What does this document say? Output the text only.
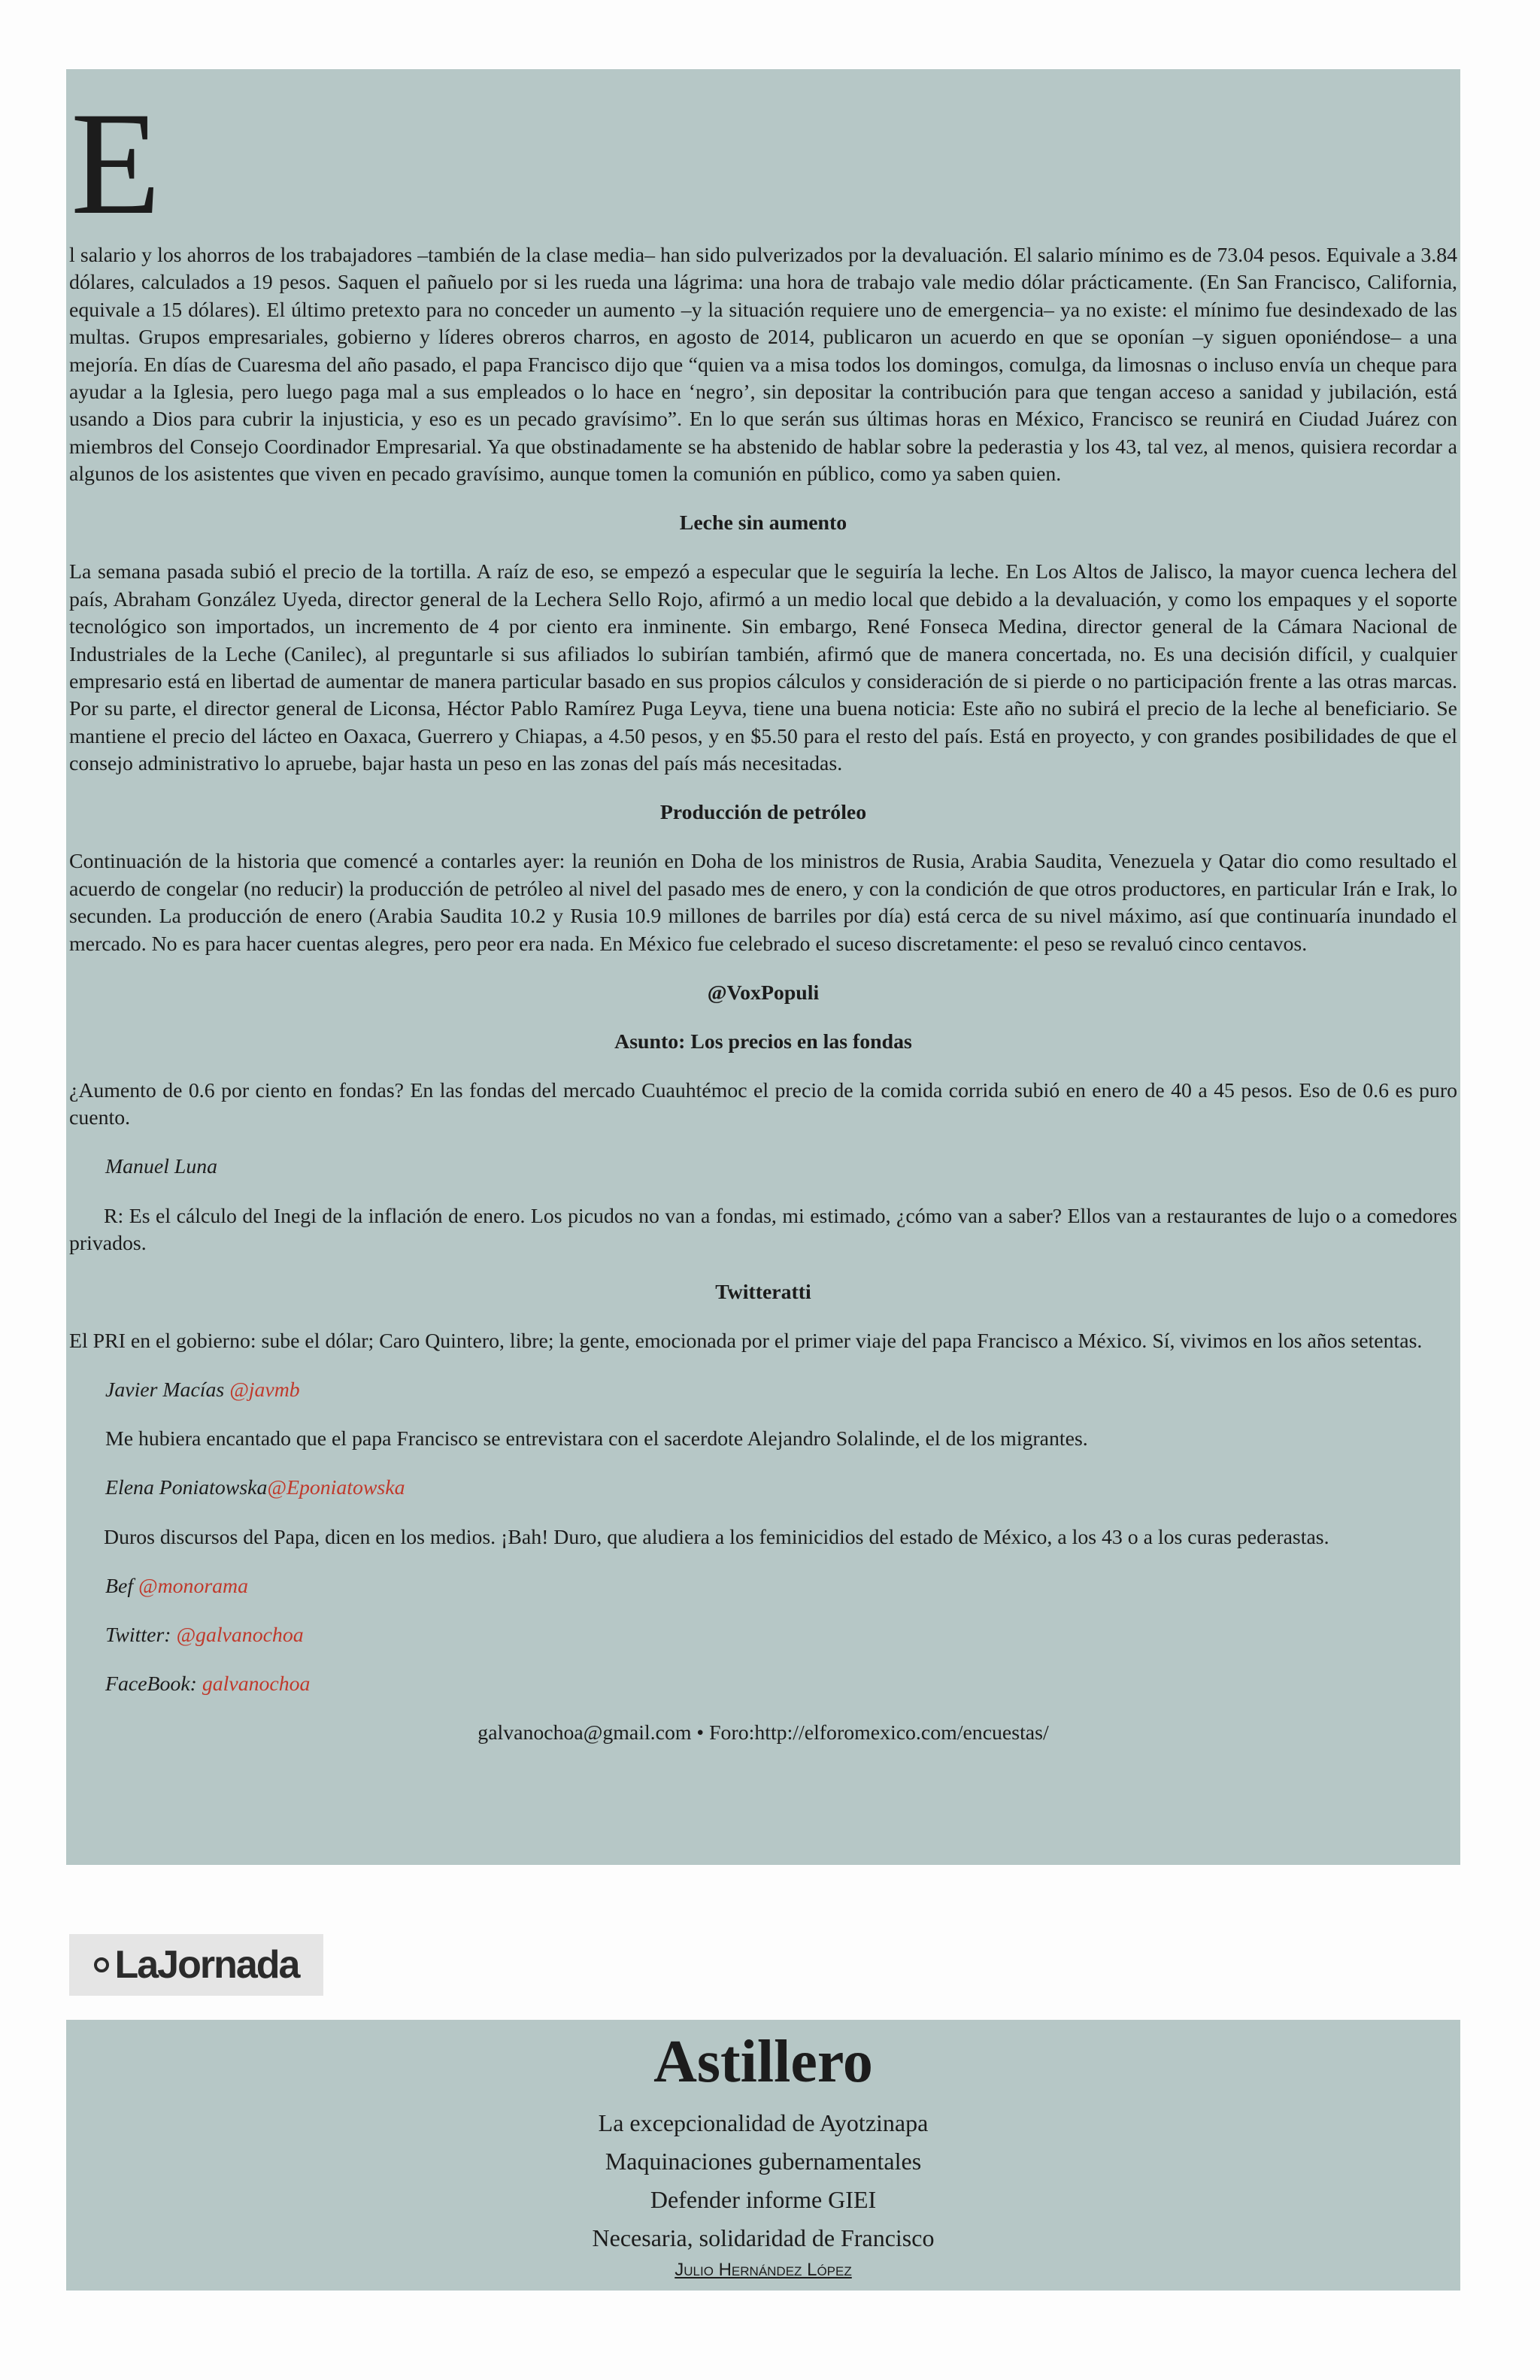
E

l salario y los ahorros de los trabajadores –también de la clase media– han sido pulverizados por la devaluación. El salario mínimo es de 73.04 pesos. Equivale a 3.84 dólares, calculados a 19 pesos. Saquen el pañuelo por si les rueda una lágrima: una hora de trabajo vale medio dólar prácticamente. (En San Francisco, California, equivale a 15 dólares). El último pretexto para no conceder un aumento –y la situación requiere uno de emergencia– ya no existe: el mínimo fue desindexado de las multas. Grupos empresariales, gobierno y líderes obreros charros, en agosto de 2014, publicaron un acuerdo en que se oponían –y siguen oponiéndose– a una mejoría. En días de Cuaresma del año pasado, el papa Francisco dijo que “quien va a misa todos los domingos, comulga, da limosnas o incluso envía un cheque para ayudar a la Iglesia, pero luego paga mal a sus empleados o lo hace en ‘negro’, sin depositar la contribución para que tengan acceso a sanidad y jubilación, está usando a Dios para cubrir la injusticia, y eso es un pecado gravísimo”. En lo que serán sus últimas horas en México, Francisco se reunirá en Ciudad Juárez con miembros del Consejo Coordinador Empresarial. Ya que obstinadamente se ha abstenido de hablar sobre la pederastia y los 43, tal vez, al menos, quisiera recordar a algunos de los asistentes que viven en pecado gravísimo, aunque tomen la comunión en público, como ya saben quien.

Leche sin aumento

La semana pasada subió el precio de la tortilla. A raíz de eso, se empezó a especular que le seguiría la leche. En Los Altos de Jalisco, la mayor cuenca lechera del país, Abraham González Uyeda, director general de la Lechera Sello Rojo, afirmó a un medio local que debido a la devaluación, y como los empaques y el soporte tecnológico son importados, un incremento de 4 por ciento era inminente. Sin embargo, René Fonseca Medina, director general de la Cámara Nacional de Industriales de la Leche (Canilec), al preguntarle si sus afiliados lo subirían también, afirmó que de manera concertada, no. Es una decisión difícil, y cualquier empresario está en libertad de aumentar de manera particular basado en sus propios cálculos y consideración de si pierde o no participación frente a las otras marcas. Por su parte, el director general de Liconsa, Héctor Pablo Ramírez Puga Leyva, tiene una buena noticia: Este año no subirá el precio de la leche al beneficiario. Se mantiene el precio del lácteo en Oaxaca, Guerrero y Chiapas, a 4.50 pesos, y en $5.50 para el resto del país. Está en proyecto, y con grandes posibilidades de que el consejo administrativo lo apruebe, bajar hasta un peso en las zonas del país más necesitadas.

Producción de petróleo

Continuación de la historia que comencé a contarles ayer: la reunión en Doha de los ministros de Rusia, Arabia Saudita, Venezuela y Qatar dio como resultado el acuerdo de congelar (no reducir) la producción de petróleo al nivel del pasado mes de enero, y con la condición de que otros productores, en particular Irán e Irak, lo secunden. La producción de enero (Arabia Saudita 10.2 y Rusia 10.9 millones de barriles por día) está cerca de su nivel máximo, así que continuaría inundado el mercado. No es para hacer cuentas alegres, pero peor era nada. En México fue celebrado el suceso discretamente: el peso se revaluó cinco centavos.

@VoxPopuli

Asunto: Los precios en las fondas

¿Aumento de 0.6 por ciento en fondas? En las fondas del mercado Cuauhtémoc el precio de la comida corrida subió en enero de 40 a 45 pesos. Eso de 0.6 es puro cuento.

Manuel Luna

R: Es el cálculo del Inegi de la inflación de enero. Los picudos no van a fondas, mi estimado, ¿cómo van a saber? Ellos van a restaurantes de lujo o a comedores privados.

Twitteratti

El PRI en el gobierno: sube el dólar; Caro Quintero, libre; la gente, emocionada por el primer viaje del papa Francisco a México. Sí, vivimos en los años setentas.

Javier Macías @javmb

Me hubiera encantado que el papa Francisco se entrevistara con el sacerdote Alejandro Solalinde, el de los migrantes.

Elena Poniatowska@Eponiatowska

Duros discursos del Papa, dicen en los medios. ¡Bah! Duro, que aludiera a los feminicidios del estado de México, a los 43 o a los curas pederastas.

Bef @monorama

Twitter: @galvanochoa

FaceBook: galvanochoa

galvanochoa@gmail.com • Foro:http://elforomexico.com/encuestas/

LaJornada

Astillero

La excepcionalidad de Ayotzinapa

Maquinaciones gubernamentales

Defender informe GIEI

Necesaria, solidaridad de Francisco

Julio Hernández López
